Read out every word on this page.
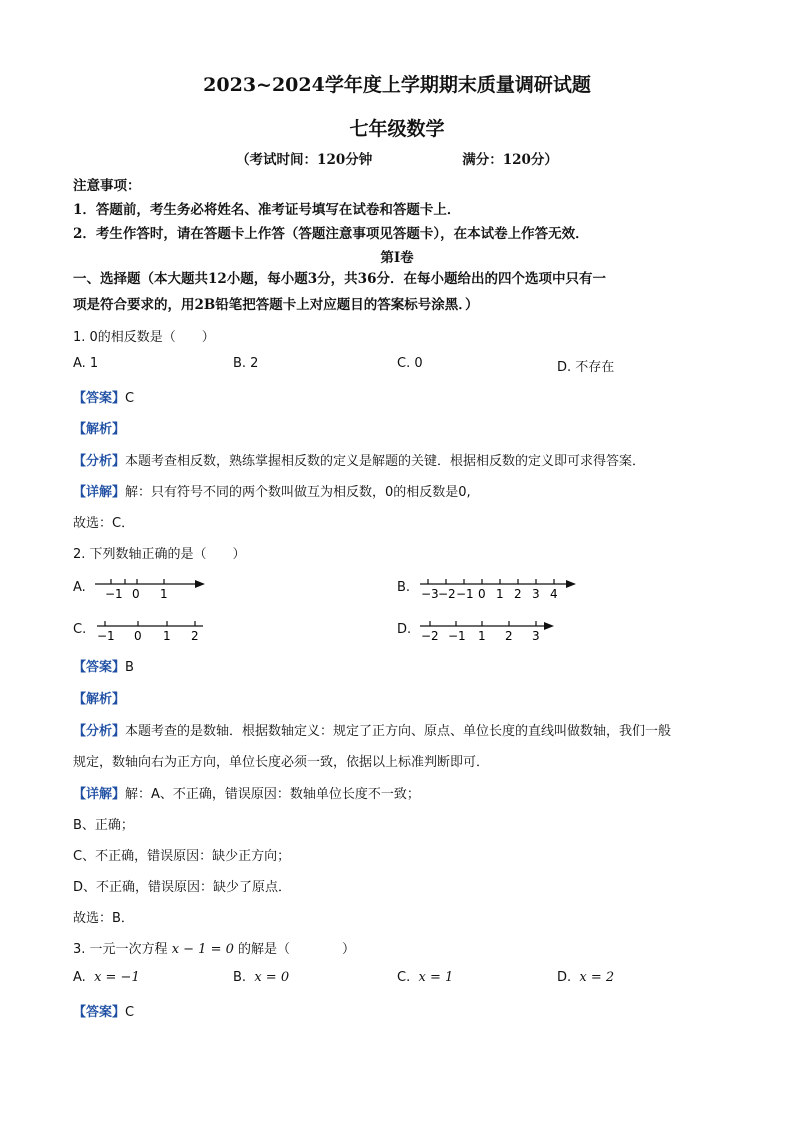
2023~2024学年度上学期期末质量调研试题
七年级数学
（考试时间：120分钟	满分：120分）
注意事项：
1．答题前，考生务必将姓名、准考证号填写在试卷和答题卡上．
2．考生作答时，请在答题卡上作答（答题注意事项见答题卡），在本试卷上作答无效．
第Ⅰ卷
一、选择题（本大题共12小题，每小题3分，共36分．在每小题给出的四个选项中只有一
项是符合要求的，用2B铅笔把答题卡上对应题目的答案标号涂黑．）
1. 0的相反数是（　　）
A. 1	B. 2	C. 0	D. 不存在
【答案】C
【解析】
【分析】本题考查相反数，熟练掌握相反数的定义是解题的关键．根据相反数的定义即可求得答案．
【详解】解：只有符号不同的两个数叫做互为相反数，0的相反数是0,
故选：C．
2. 下列数轴正确的是（　　）
A. −1 0 1	B. −3 −2 −1 0 1 2 3 4
C. −1 0 1 2	D. −2 −1 1 2 3
【答案】B
【解析】
【分析】本题考查的是数轴．根据数轴定义：规定了正方向、原点、单位长度的直线叫做数轴，我们一般
规定，数轴向右为正方向，单位长度必须一致，依据以上标准判断即可．
【详解】解：A、不正确，错误原因：数轴单位长度不一致；
B、正确；
C、不正确，错误原因：缺少正方向；
D、不正确，错误原因：缺少了原点．
故选：B．
3. 一元一次方程 x − 1 = 0 的解是（　　　　）
A. x = −1	B. x = 0	C. x = 1	D. x = 2
【答案】C
